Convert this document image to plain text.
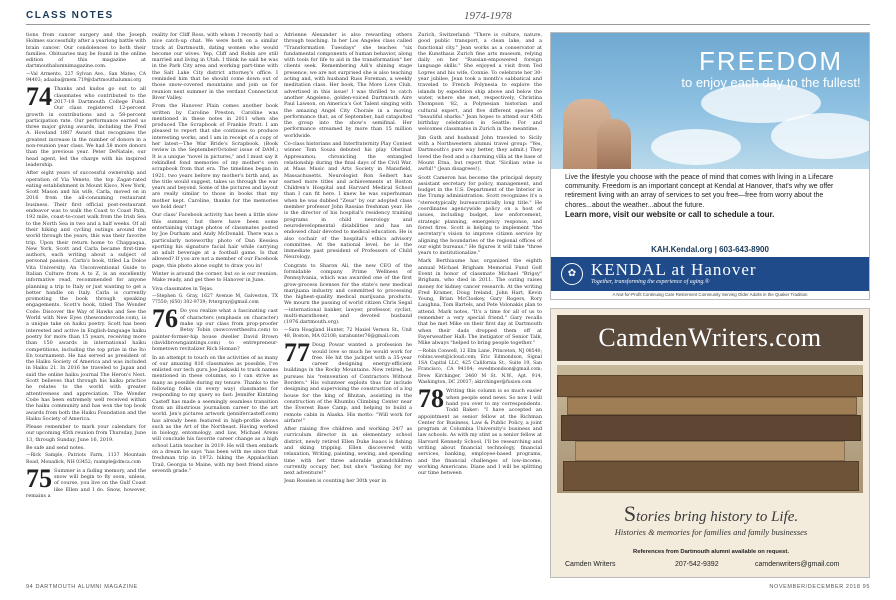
CLASS NOTES	1974-1978

tions from cancer surgery and the Joseph Holmes successfully after a yearlong battle with brain cancer. Our condolences to both their families. Obituaries may be found in the online edition of this magazine at dartmouthalumnimagazine.com.

—Val Armento, 227 Sylvan Ave., San Mateo, CA 94403; adaaba@mem.719@dartmouthalumni.org

74 Thanks and kudos go out to all classmates who contributed to the 2017-18 Dartmouth College Fund. Our class registered 12-percent growth in contributions and a 58-percent participation rate. Our performance earned us three major giving awards, including the Fred A. Howland 1887 Award that recognizes the greatest increase in the number of donors in a non-reunion year class. We had 58 more donors than the previous year. Peter DeNatale, our head agent, led the charge with his inspired leadership.

After eight years of successful ownership and operation of Via Veneto, the top Zagat-rated eating establishment in Mount Kisco, New York, Scott Mason and his wife, Carla, moved on in 2016 from the all-consuming restaurant business. Their first official post-restaurant endeavor was to walk the Coast to Coast Path, 192 mile, coast-to-coast walk from the Irish Sea to the North Sea in two and a half weeks. Of all their hiking and cycling outings around the world through the years, this was their favorite trip. Upon their return home to Chappaqua, New York, Scott and Carla became first-time authors, each writing about a subject of personal passion. Carla's book, titled La Dolce Vita University, An Unconventional Guide to Italian Culture from A to Z, is an excellently informative read, recommended for anyone planning a trip to Italy or just wanting to get a better handle on Italy. Carla is currently promoting the book through speaking engagements. Scott's book, titled The Wonder Code: Discover the Way of Hawks and See the World with New Eyes (thewondercode.com), is a unique take on haiku poetry. Scott has been interested and active in English-language haiku poetry for more than 15 years, receiving more than 150 awards in international haiku competitions, including the top prize in the Ito En tournament. He has served as president of the Haiku Society of America and was included in Haiku 21. In 2016 he traveled to Japan and said the online haiku journal The Heron's Nest. Scott believes that through his haiku practice he relates to the world with greater attentiveness and appreciation. The Wonder Code has been extremely well received within the haiku community and has won the top book awards from both the Haiku Foundation and the Haiku Society of America.

Please remember to mark your calendars for our upcoming 45th reunion from Thursday, June 13, through Sunday, June 16, 2019.

Be safe and send notes.

—Rick Sample, Patriots Farm, 1137 Mountain Road, Monadick, NH 03452; rsample@dmca.com

75 Summer is a fading memory, and the snow will begin to fly soon, unless, of course, you live on the Gulf Coast like Ellen and I do. Snow, however, remains a

reality for Cliff Ross, with whom I recently had a nice catch-up chat. We were both on a similar track at Dartmouth, dating women who would become our wives. Yep, Cliff and Robin are still married and living in Utah. I think he said he was in the Park City area and working part-time with the Salt Lake City district attorney's office. I reminded him that he should come down out of those snow-covered mountains and join us for reunion next summer in the verdant Connecticut River Valley.

From the Hanover Plain comes another book written by Caroline Preston. Caroline was mentioned in these notes in 2011 when she produced The Scrapbook of Frankie Pratt. I am pleased to report that she continues to produce interesting works, and I am in receipt of a copy of her latest—The War Bride's Scrapbook. (Book review in the September/October issue of DAM.) It is a unique "novel in pictures," and I must say it rekindled fond memories of my mother's own scrapbook from that era. The timelines began in 1921, two years before my mother's birth and, as the title would suggest, takes us through the war years and beyond. Some of the pictures and layout are really similar to those in books that my mother kept. Caroline, thanks for the memories we hold dear!

Our class' Facebook activity has been a little slow this summer, but there have been some entertaining vintage photos of classmates posted by Joe Durham and Andy McDonald. There was a particularly noteworthy photo of Dan Kessiea sporting his signature facial hair while carrying an adult beverage at a football game. Is that allowed? If you are not a member of our Facebook page, this photo alone ought to draw you in!

Winter is around the corner, but so is our reunion. Make ready, and get thee to Hanover in June.

Viva classmates in Tejas.

—Stephen G. Gray, 1627 Avenue M, Galveston, TX 77550; (650) 302-9739; fvtergray@gmail.com

76 Do you realize what a fascinating cast of characters (emphasis on character) make up our class from prop-proofer Betsy Tobin (nowcoverthesitu.com) to painter-former-hip house dweller David Brown (davidbrowngaintings.com) to entrepreneur-hometown revitalizer Rich Homan?

In an attempt to touch on the activities of as many of our amazing 816 classmates as possible, I've enlisted our tech guru Joe Jaskaski to track names mentioned in these columns, so I can strive as many as possible during my tenure. Thanks to the following folks (in every way) classmates for responding to my query so fast: Jennifer Kintzing Casteff has made a seemingly seamless transition from an illustrious journalism career to the art world. Jen's pictures artwork (jennifercasteff.com) has already been featured in high-profile shows such as the Art of the Northeast. Having worked in biology, entomology, and law, Michael Arens will conclude his favorite career change as a high school Latin teacher in 2019. He will then embark on a dream he says "has been with me since that freshman trip in 1972: hiking the Appalachian Trail, Georgia to Maine, with my best friend since seventh grade."

Adrienne Alexander is also rewarding others through teaching. In her Los Angeles class called "Transformation Tuesdays" she teaches "six fundamental components of human behavior, along with tools for life to aid in the transformation" her clients seek. Remembering Adi's shining stage presence, we are not surprised she is also teaching acting and, with husband Russ Foreman, a weekly meditation class. Her book, The More Love Club, advertised in this issue! I was thrilled to catch another Angeleno, golden-voiced Dartmouth Aire Paul Lawson, on America's Got Talent singing with the amazing Angel City Chorale in a moving performance that, as of September, had catapulted the group into the show's semifinal. Her performance streamed by more than 15 million worldwide.

Co-class historians and Interfraternity Play Contest winner Tom Souza debuted his play Obstinat Appresamou, chronicling the entangled relationship during the final days of the Civil War, at Mass Music and Arts Society in Mansfield, Massachusetts. Neurologist Ron Seibert has earned more titles and achievements at Boston Children's Hospital and Harvard Medical School than I can fit here. I knew he was superhuman when he was dubbed "Zeus" by our adopted class member professor John Rassias freshman year. He is the director of his hospital's residency training programs in child neurology and neurodevelopmental disabilities and has an endowed chair devoted to medical education. He is also cochair of the hospital's ethics advisory committee. At the national level, he is the immediate past president of Professors of Child Neurology.

Congrats to Sharon Ali, the new CEO of the formidable company Prime Wellness of Pennsylvania, which was awarded one of the first grow-process licenses for the state's new medical marijuana industry and committed to processing the highest-quality medical marijuana products. We mourn the passing of world citizen Chris Segal—international banker, lawyer, professor, cyclist, multi-marathoner, and devoted husband (1976.dartmouth.org).

—Sara Hoagland Hunter, 72 Maxiel Vernon St., Unit 48, Boston, MA 02108; sarahunter76@gmail.com

77 Doug Powar wanted a profession he would love so much he would work for free. He hit the jackpot with a 35-year career designing energy-efficient buildings in the Rocky Mountains. Now retired, he pursues his "reinvention of Contractors Without Borders." His volunteer exploits thus far include designing and supervising the construction of a log house for the king of Bhutan, assisting in the construction of the Khumbu Climbing Center near the Everest Base Camp, and helping to build a remote cabin in Alaska. His motto: "Will work for airfare!"

After raising five children and working 24/7 as curriculum director in an elementary school district, newly retired Ellen Duke Isaacs is fishing and skiing tripping. Ellen discovered with relaxation, Writing, painting, sewing, and spending time with her three adorable grandchildren currently occupy her, but she's "looking for my next adventure!"

Jean Rossien is counting her 30th year in

Zurich, Switzerland: "There is culture, nature, good public transport, a clean lake, and a functional city." Jean works as a conservator at the Kunsthaus Zurich fine arts museum, relying daily on her "Russian-empowered foreign language skills." She enjoyed a visit from Ted Lopres and his wife, Connie. To celebrate her 30-year jubilee, Jean took a month's sabbatical and traveled to French Polynesia to explore the islands by expedition ship above and below the water, where she met, respectively, Christina Thompson '82, a Polynesian historian and cultural expert, and five different species of "beautiful sharks." Jean hopes to attend our 45th birthday celebration in Seattle. For and welcomes classmates in Zurich in the meantime.

Jim Guth and husband John traveled to Sicily with a Northwestern alumni travel group: "Yes, Dartmouth's pure way better, they admit.) They loved the food and a charming villa at the base of Mount Etna, but report that "Sicilian wine is awful!" (Jean disagrees!).

Scott Cameron has become the principal deputy assistant secretary for policy, management, and budget in the U.S. Department of the Interior in the Trump administration. Scott recognizes it's a "stereotypically bureaucratically long title." He coordinates agencywide policy on a host of issues, including budget, law enforcement, strategic planning, emergency response, and forest fires. Scott is helping to implement "the secretary's vision to improve citizen service by aligning the boundaries of the regional offices of our eight bureaus." He figures it will take "three years to institutionalize."

Mark Berthiaume has organized the eighth annual Michael Brigham Memorial Fund Golf Event in honor of classmate Michael "Brigsy" Brigham, who died in 2011. The outing raises money for kidney cancer research. At the writing Fred Kramer, Doug Ireland, John Hart, Kevin Young, Brian McCloskey, Gary Rogers, Rory Laughna, Tom Bartels, and Pete Volonakis plan to attend. Mark notes, "It's a time for all of us to remember a very special friend." Gary recalls that he met Mike on their first day at Dartmouth when their dads dropped them off at Fayerweather Hall: The instigator of Senior Talk, Mike always "helped to bring people together."

—Robin Conwell, 12 Elm Lane, Princeton, NJ 08540; robins.west@icloud.com; Eric Edmondson, Signal 1SA Capital LLC, 425 California St., Suite 19, San Francisco, CA 94104; ewedmondson@gmail.com; Drew Kirchinger, 2460 M St. N.W., Apt. 914, Washington, DC 20037; akirchinger@fusion.com

78 Writing this column is so much easier when people send news. So now I will hand you over to my correspondents. Todd Baker: "I have accepted an appointment as senior fellow at the Richman Center for Business, Law & Public Policy, a joint program at Columbia University's business and law schools. As with my stint as a senior fellow at Harvard Kennedy School, I'll be researching and writing about financial technology, financial services, banking, employee-based programs, and the financial challenges of low-income, working Americans. Diane and I will be splitting our time between

FREEDOM
to enjoy each day to the fullest!
Live the lifestyle you choose with the peace of mind that comes with living in a Lifecare community. Freedom is an important concept at Kendal at Hanover, that's why we offer retirement living with an array of services to set you free—free from worry about the chores...about the weather...about the future.
Learn more, visit our website or call to schedule a tour.
KAH.Kendal.org | 603-643-8900
✿ KENDAL at Hanover
Together, transforming the experience of aging.®
A Not-for-Profit Continuing Care Retirement Community Serving Older Adults in the Quaker Tradition
CamdenWriters.com
Stories bring history to Life.
Histories & memories for families and family businesses
References from Dartmouth alumni available on request.
Camden Writers	207-542-9392	camdenwriters@gmail.com
94 DARTMOUTH ALUMNI MAGAZINE	NOVEMBER/DECEMBER 2018 95
